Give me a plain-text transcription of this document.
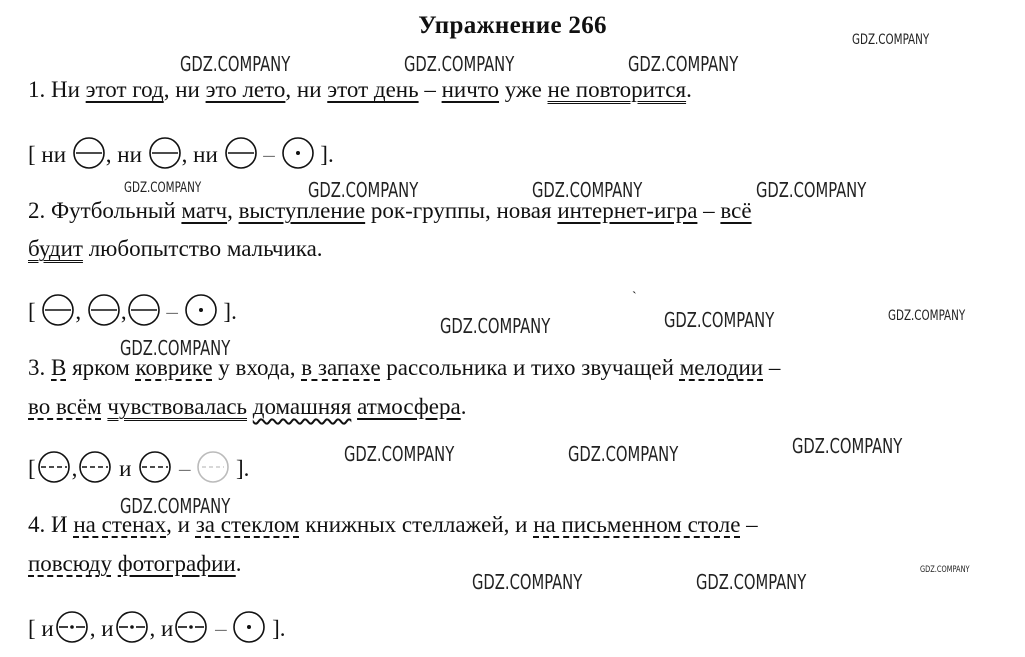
Упражнение 266
GDZ.COMPANY
GDZ.COMPANY	GDZ.COMPANY	GDZ.COMPANY
GDZ.COMPANY	GDZ.COMPANY	GDZ.COMPANY	GDZ.COMPANY
GDZ.COMPANY	GDZ.COMPANY	GDZ.COMPANY
GDZ.COMPANY
GDZ.COMPANY	GDZ.COMPANY	GDZ.COMPANY
GDZ.COMPANY
GDZ.COMPANY	GDZ.COMPANY	GDZ.COMPANY
1. Ни этот год, ни это лето, ни этот день – ничто уже не повторится.
[ ни , ни , ни – ].
2. Футбольный матч, выступление рок-группы, новая интернет-игра – всё
будит любопытство мальчика.
[ , , – ].
`
3. В ярком коврике у входа, в запахе рассольника и тихо звучащей мелодии –
во всём чувствовалась домашняя атмосфера.
[ , и – ].
4. И на стенах, и за стеклом книжных стеллажей, и на письменном столе –
повсюду фотографии.
[ и , и , и – ].
